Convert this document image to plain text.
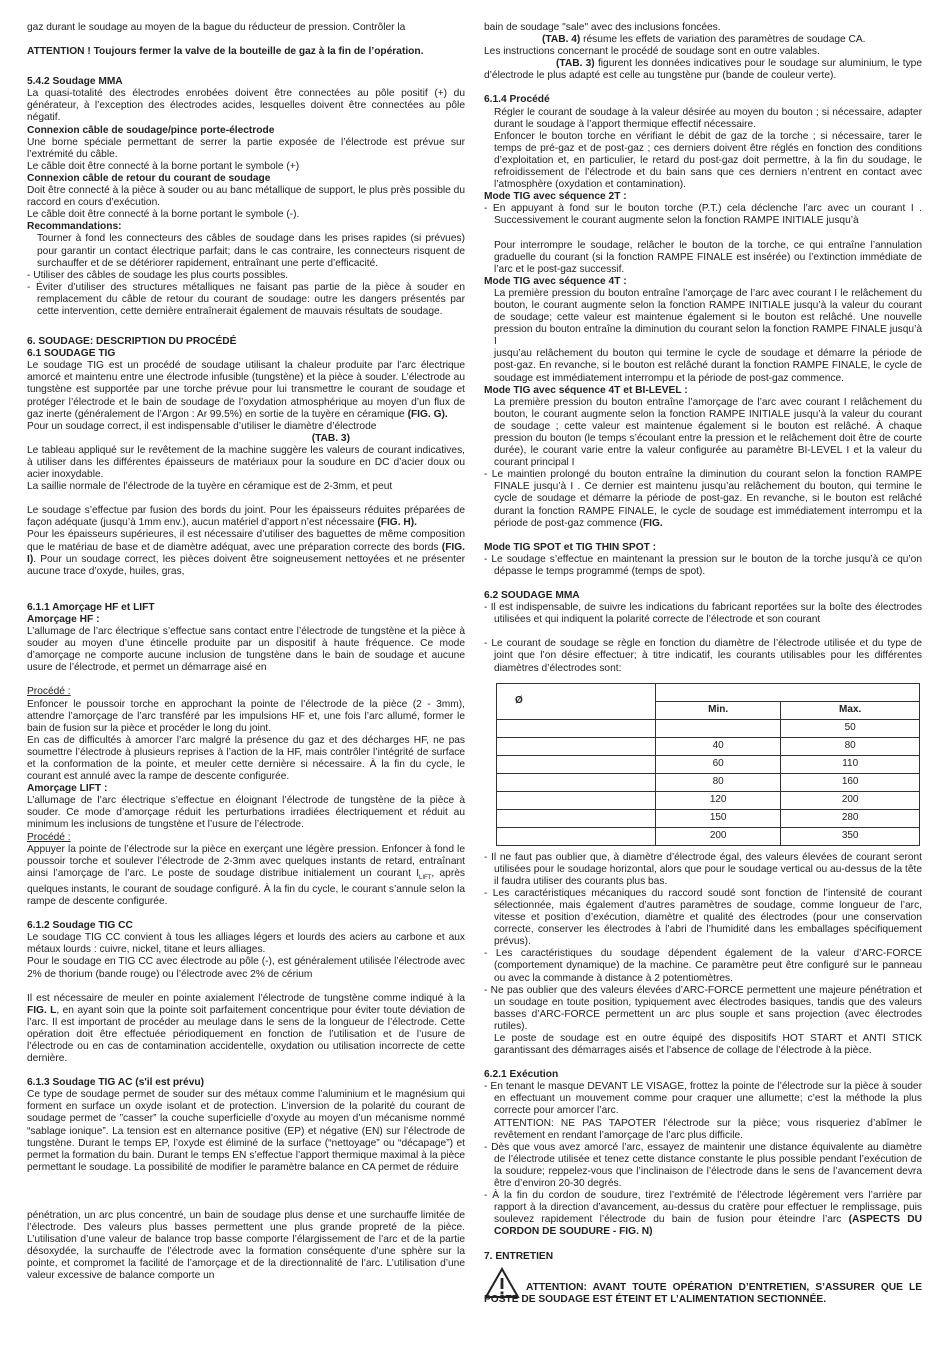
gaz durant le soudage au moyen de la bague du réducteur de pression. Contrôler la

ATTENTION ! Toujours fermer la valve de la bouteille de gaz à la fin de l’opération.

5.4.2 Soudage MMA

La quasi-totalité des électrodes enrobées doivent être connectées au pôle positif (+) du générateur, à l’exception des électrodes acides, lesquelles doivent être connectées au pôle négatif.

Connexion câble de soudage/pince porte-électrode

Une borne spéciale permettant de serrer la partie exposée de l’électrode est prévue sur l’extrémité du câble.

Le câble doit être connecté à la borne portant le symbole (+)

Connexion câble de retour du courant de soudage

Doit être connecté à la pièce à souder ou au banc métallique de support, le plus près possible du raccord en cours d’exécution.

Le câble doit être connecté à la borne portant le symbole (-).

Recommandations:

Tourner à fond les connecteurs des câbles de soudage dans les prises rapides (si prévues) pour garantir un contact électrique parfait; dans le cas contraire, les connecteurs risquent de surchauffer et de se détériorer rapidement, entraînant une perte d’efficacité.

- Utiliser des câbles de soudage les plus courts possibles.

- Éviter d’utiliser des structures métalliques ne faisant pas partie de la pièce à souder en remplacement du câble de retour du courant de soudage: outre les dangers présentés par cette intervention, cette dernière entraînerait également de mauvais résultats de soudage.

6. SOUDAGE: DESCRIPTION DU PROCÉDÉ

6.1 SOUDAGE TIG

Le soudage TIG est un procédé de soudage utilisant la chaleur produite par l’arc électrique amorcé et maintenu entre une électrode infusible (tungstène) et la pièce à souder. L’électrode au tungstène est supportée par une torche prévue pour lui transmettre le courant de soudage et protéger l’électrode et le bain de soudage de l’oxydation atmosphérique au moyen d’un flux de gaz inerte (généralement de l’Argon : Ar 99.5%) en sortie de la tuyère en céramique (FIG. G).

Pour un soudage correct, il est indispensable d’utiliser le diamètre d’électrode

(TAB. 3)

Le tableau appliqué sur le revêtement de la machine suggère les valeurs de courant indicatives, à utiliser dans les différentes épaisseurs de matériaux pour la soudure en DC d’acier doux ou acier inoxydable.

La saillie normale de l’électrode de la tuyère en céramique est de 2-3mm, et peut

Le soudage s’effectue par fusion des bords du joint. Pour les épaisseurs réduites préparées de façon adéquate (jusqu’à 1mm env.), aucun matériel d’apport n’est nécessaire (FIG. H).

Pour les épaisseurs supérieures, il est nécessaire d’utiliser des baguettes de même composition que le matériau de base et de diamètre adéquat, avec une préparation correcte des bords (FIG. I). Pour un soudage correct, les pièces doivent être soigneusement nettoyées et ne présenter aucune trace d’oxyde, huiles, gras,

6.1.1 Amorçage HF et LIFT

Amorçage HF :

L’allumage de l’arc électrique s’effectue sans contact entre l’électrode de tungstène et la pièce à souder au moyen d’une étincelle produite par un dispositif à haute fréquence. Ce mode d’amorçage ne comporte aucune inclusion de tungstène dans le bain de soudage et aucune usure de l’électrode, et permet un démarrage aisé en

Procédé :

Enfoncer le poussoir torche en approchant la pointe de l’électrode de la pièce (2 - 3mm), attendre l’amorçage de l’arc transféré par les impulsions HF et, une fois l’arc allumé, former le bain de fusion sur la pièce et procéder le long du joint.

En cas de difficultés à amorcer l’arc malgré la présence du gaz et des décharges HF, ne pas soumettre l’électrode à plusieurs reprises à l’action de la HF, mais contrôler l’intégrité de surface et la conformation de la pointe, et meuler cette dernière si nécessaire. À la fin du cycle, le courant est annulé avec la rampe de descente configurée.

Amorçage LIFT :

L’allumage de l’arc électrique s’effectue en éloignant l’électrode de tungstène de la pièce à souder. Ce mode d’amorçage réduit les perturbations irradiées électriquement et réduit au minimum les inclusions de tungstène et l’usure de l’électrode.

Procédé :

Appuyer la pointe de l’électrode sur la pièce en exerçant une légère pression. Enfoncer à fond le poussoir torche et soulever l’électrode de 2-3mm avec quelques instants de retard, entraînant ainsi l’amorçage de l’arc. Le poste de soudage distribue initialement un courant $I_{LIFT}$, après quelques instants, le courant de soudage configuré. À la fin du cycle, le courant s’annule selon la rampe de descente configurée.

6.1.2 Soudage TIG CC

Le soudage TIG CC convient à tous les alliages légers et lourds des aciers au carbone et aux métaux lourds : cuivre, nickel, titane et leurs alliages.

Pour le soudage en TIG CC avec électrode au pôle (-), est généralement utilisée l’électrode avec 2% de thorium (bande rouge) ou l’électrode avec 2% de cérium

Il est nécessaire de meuler en pointe axialement l’électrode de tungstène comme indiqué à la FIG. L, en ayant soin que la pointe soit parfaitement concentrique pour éviter toute déviation de l’arc. Il est important de procéder au meulage dans le sens de la longueur de l’électrode. Cette opération doit être effectuée périodiquement en fonction de l’utilisation et de l’usure de l’électrode ou en cas de contamination accidentelle, oxydation ou utilisation incorrecte de cette dernière.

6.1.3 Soudage TIG AC (s'il est prévu)

Ce type de soudage permet de souder sur des métaux comme l’aluminium et le magnésium qui forment en surface un oxyde isolant et de protection. L’inversion de la polarité du courant de soudage permet de ”casser” la couche superficielle d’oxyde au moyen d’un mécanisme nommé “sablage ionique”. La tension est en alternance positive (EP) et négative (EN) sur l’électrode de tungstène. Durant le temps EP, l’oxyde est éliminé de la surface (“nettoyage” ou “décapage”) et permet la formation du bain. Durant le temps EN s’effectue l’apport thermique maximal à la pièce permettant le soudage. La possibilité de modifier le paramètre balance en CA permet de réduire

pénétration, un arc plus concentré, un bain de soudage plus dense et une surchauffe limitée de l’électrode. Des valeurs plus basses permettent une plus grande propreté de la pièce. L’utilisation d’une valeur de balance trop basse comporte l’élargissement de l’arc et de la partie désoxydée, la surchauffe de l’électrode avec la formation conséquente d’une sphère sur la pointe, et compromet la facilité de l’amorçage et de la directionnalité de l’arc. L’utilisation d’une valeur excessive de balance comporte un

bain de soudage "sale" avec des inclusions foncées.

(TAB. 4) résume les effets de variation des paramètres de soudage CA.

Les instructions concernant le procédé de soudage sont en outre valables.

(TAB. 3) figurent les données indicatives pour le soudage sur aluminium, le type d’électrode le plus adapté est celle au tungstène pur (bande de couleur verte).

6.1.4 Procédé

Régler le courant de soudage à la valeur désirée au moyen du bouton ; si nécessaire, adapter durant le soudage à l’apport thermique effectif nécessaire.

Enfoncer le bouton torche en vérifiant le débit de gaz de la torche ; si nécessaire, tarer le temps de pré-gaz et de post-gaz ; ces derniers doivent être réglés en fonction des conditions d’exploitation et, en particulier, le retard du post-gaz doit permettre, à la fin du soudage, le refroidissement de l’électrode et du bain sans que ces derniers n’entrent en contact avec l’atmosphère (oxydation et contamination).

Mode TIG avec séquence 2T :

- En appuyant à fond sur le bouton torche (P.T.) cela déclenche l’arc avec un courant I . Successivement le courant augmente selon la fonction RAMPE INITIALE jusqu’à

Pour interrompre le soudage, relâcher le bouton de la torche, ce qui entraîne l’annulation graduelle du courant (si la fonction RAMPE FINALE est insérée) ou l’extinction immédiate de l’arc et le post-gaz successif.

Mode TIG avec séquence 4T :

La première pression du bouton entraîne l’amorçage de l’arc avec courant I le relâchement du bouton, le courant augmente selon la fonction RAMPE INITIALE jusqu’à la valeur du courant de soudage; cette valeur est maintenue également si le bouton est relâché. Une nouvelle pression du bouton entraîne la diminution du courant selon la fonction RAMPE FINALE jusqu’à I

jusqu’au relâchement du bouton qui termine le cycle de soudage et démarre la période de post-gaz. En revanche, si le bouton est relâché durant la fonction RAMPE FINALE, le cycle de soudage est immédiatement interrompu et la période de post-gaz commence.

Mode TIG avec séquence 4T et BI-LEVEL :

La première pression du bouton entraîne l’amorçage de l’arc avec courant I relâchement du bouton, le courant augmente selon la fonction RAMPE INITIALE jusqu’à la valeur du courant de soudage ; cette valeur est maintenue également si le bouton est relâché. À chaque pression du bouton (le temps s’écoulant entre la pression et le relâchement doit être de courte durée), le courant varie entre la valeur configurée au paramètre BI-LEVEL I et la valeur du courant principal I

- Le maintien prolongé du bouton entraîne la diminution du courant selon la fonction RAMPE FINALE jusqu’à I . Ce dernier est maintenu jusqu’au relâchement du bouton, qui termine le cycle de soudage et démarre la période de post-gaz. En revanche, si le bouton est relâché durant la fonction RAMPE FINALE, le cycle de soudage est immédiatement interrompu et la période de post-gaz commence (FIG.

Mode TIG SPOT et TIG THIN SPOT :

- Le soudage s’effectue en maintenant la pression sur le bouton de la torche jusqu’à ce qu’on dépasse le temps programmé (temps de spot).

6.2 SOUDAGE MMA

- Il est indispensable, de suivre les indications du fabricant reportées sur la boîte des électrodes utilisées et qui indiquent la polarité correcte de l’électrode et son courant

- Le courant de soudage se règle en fonction du diamètre de l’électrode utilisée et du type de joint que l’on désire effectuer; à titre indicatif, les courants utilisables pour les différentes diamètres d’électrodes sont:

Ø		
	Min.	Max.
		50
	40	80
	60	110
	80	160
	120	200
	150	280
	200	350

- Il ne faut pas oublier que, à diamètre d’électrode égal, des valeurs élevées de courant seront utilisées pour le soudage horizontal, alors que pour le soudage vertical ou au-dessus de la tête il faudra utiliser des courants plus bas.

- Les caractéristiques mécaniques du raccord soudé sont fonction de l’intensité de courant sélectionnée, mais également d’autres paramètres de soudage, comme longueur de l’arc, vitesse et position d’exécution, diamètre et qualité des électrodes (pour une conservation correcte, conserver les électrodes à l’abri de l’humidité dans les emballages spécifiquement prévus).

- Les caractéristiques du soudage dépendent également de la valeur d’ARC-FORCE (comportement dynamique) de la machine. Ce paramètre peut être configuré sur le panneau ou avec la commande à distance à 2 potentiomètres.

- Ne pas oublier que des valeurs élevées d’ARC-FORCE permettent une majeure pénétration et un soudage en toute position, typiquement avec électrodes basiques, tandis que des valeurs basses d’ARC-FORCE permettent un arc plus souple et sans projection (avec électrodes rutiles).

Le poste de soudage est en outre équipé des dispositifs HOT START et ANTI STICK garantissant des démarrages aisés et l’absence de collage de l’électrode à la pièce.

6.2.1 Exécution

- En tenant le masque DEVANT LE VISAGE, frottez la pointe de l’électrode sur la pièce à souder en effectuant un mouvement comme pour craquer une allumette; c’est la méthode la plus correcte pour amorcer l’arc.

ATTENTION: NE PAS TAPOTER l’électrode sur la pièce; vous risqueriez d’abîmer le revêtement en rendant l’amorçage de l’arc plus difficile.

- Dès que vous avez amorcé l’arc, essayez de maintenir une distance équivalente au diamètre de l’électrode utilisée et tenez cette distance constante le plus possible pendant l’exécution de la soudure; reppelez-vous que l’inclinaison de l’électrode dans le sens de l’avancement devra être d’environ 20-30 degrés.

- À la fin du cordon de soudure, tirez l’extrémité de l’électrode légèrement vers l’arrière par rapport à la direction d’avancement, au-dessus du cratère pour effectuer le remplissage, puis soulevez rapidement l’électrode du bain de fusion pour éteindre l’arc (ASPECTS DU CORDON DE SOUDURE - FIG. N)

7. ENTRETIEN

ATTENTION: AVANT TOUTE OPÉRATION D’ENTRETIEN, S’ASSURER QUE LE POSTE DE SOUDAGE EST ÉTEINT ET L’ALIMENTATION SECTIONNÉE.
